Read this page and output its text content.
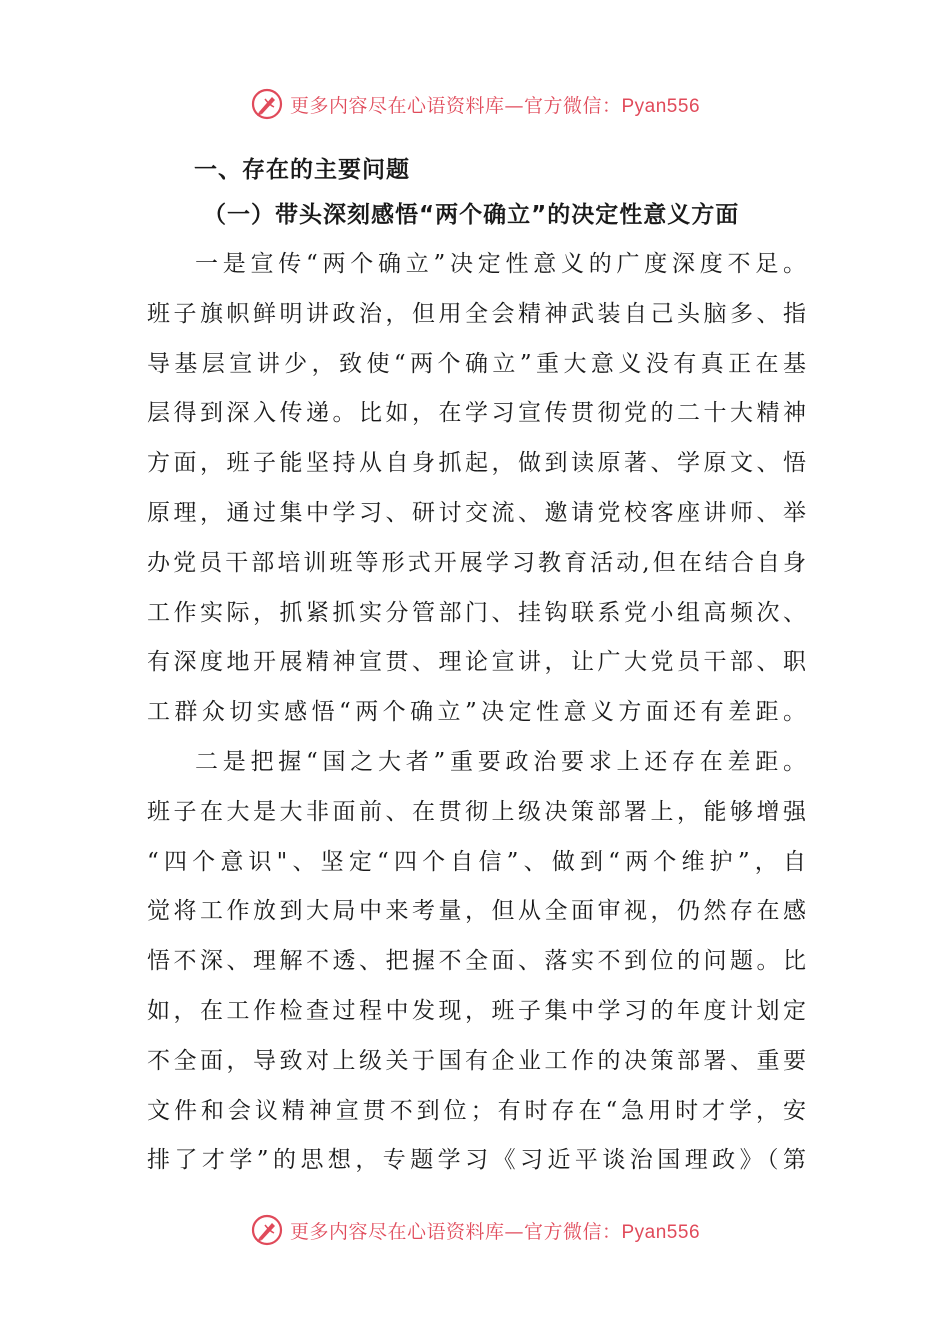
更多内容尽在心语资料库—官方微信：Pyan556
一、存在的主要问题
（一）带头深刻感悟“两个确立”的决定性意义方面

一是宣传“两个确立”决定性意义的广度深度不足。

班子旗帜鲜明讲政治，但用全会精神武装自己头脑多、指

导基层宣讲少，致使“两个确立”重大意义没有真正在基

层得到深入传递。比如，在学习宣传贯彻党的二十大精神

方面，班子能坚持从自身抓起，做到读原著、学原文、悟

原理，通过集中学习、研讨交流、邀请党校客座讲师、举

办党员干部培训班等形式开展学习教育活动,但在结合自身

工作实际，抓紧抓实分管部门、挂钩联系党小组高频次、

有深度地开展精神宣贯、理论宣讲，让广大党员干部、职

工群众切实感悟“两个确立”决定性意义方面还有差距。

二是把握“国之大者”重要政治要求上还存在差距。

班子在大是大非面前、在贯彻上级决策部署上，能够增强

“四个意识"、坚定“四个自信”、做到“两个维护”，自

觉将工作放到大局中来考量，但从全面审视，仍然存在感

悟不深、理解不透、把握不全面、落实不到位的问题。比

如，在工作检查过程中发现，班子集中学习的年度计划定

不全面，导致对上级关于国有企业工作的决策部署、重要

文件和会议精神宣贯不到位；有时存在“急用时才学，安

排了才学”的思想，专题学习《习近平谈治国理政》（第

更多内容尽在心语资料库—官方微信：Pyan556
